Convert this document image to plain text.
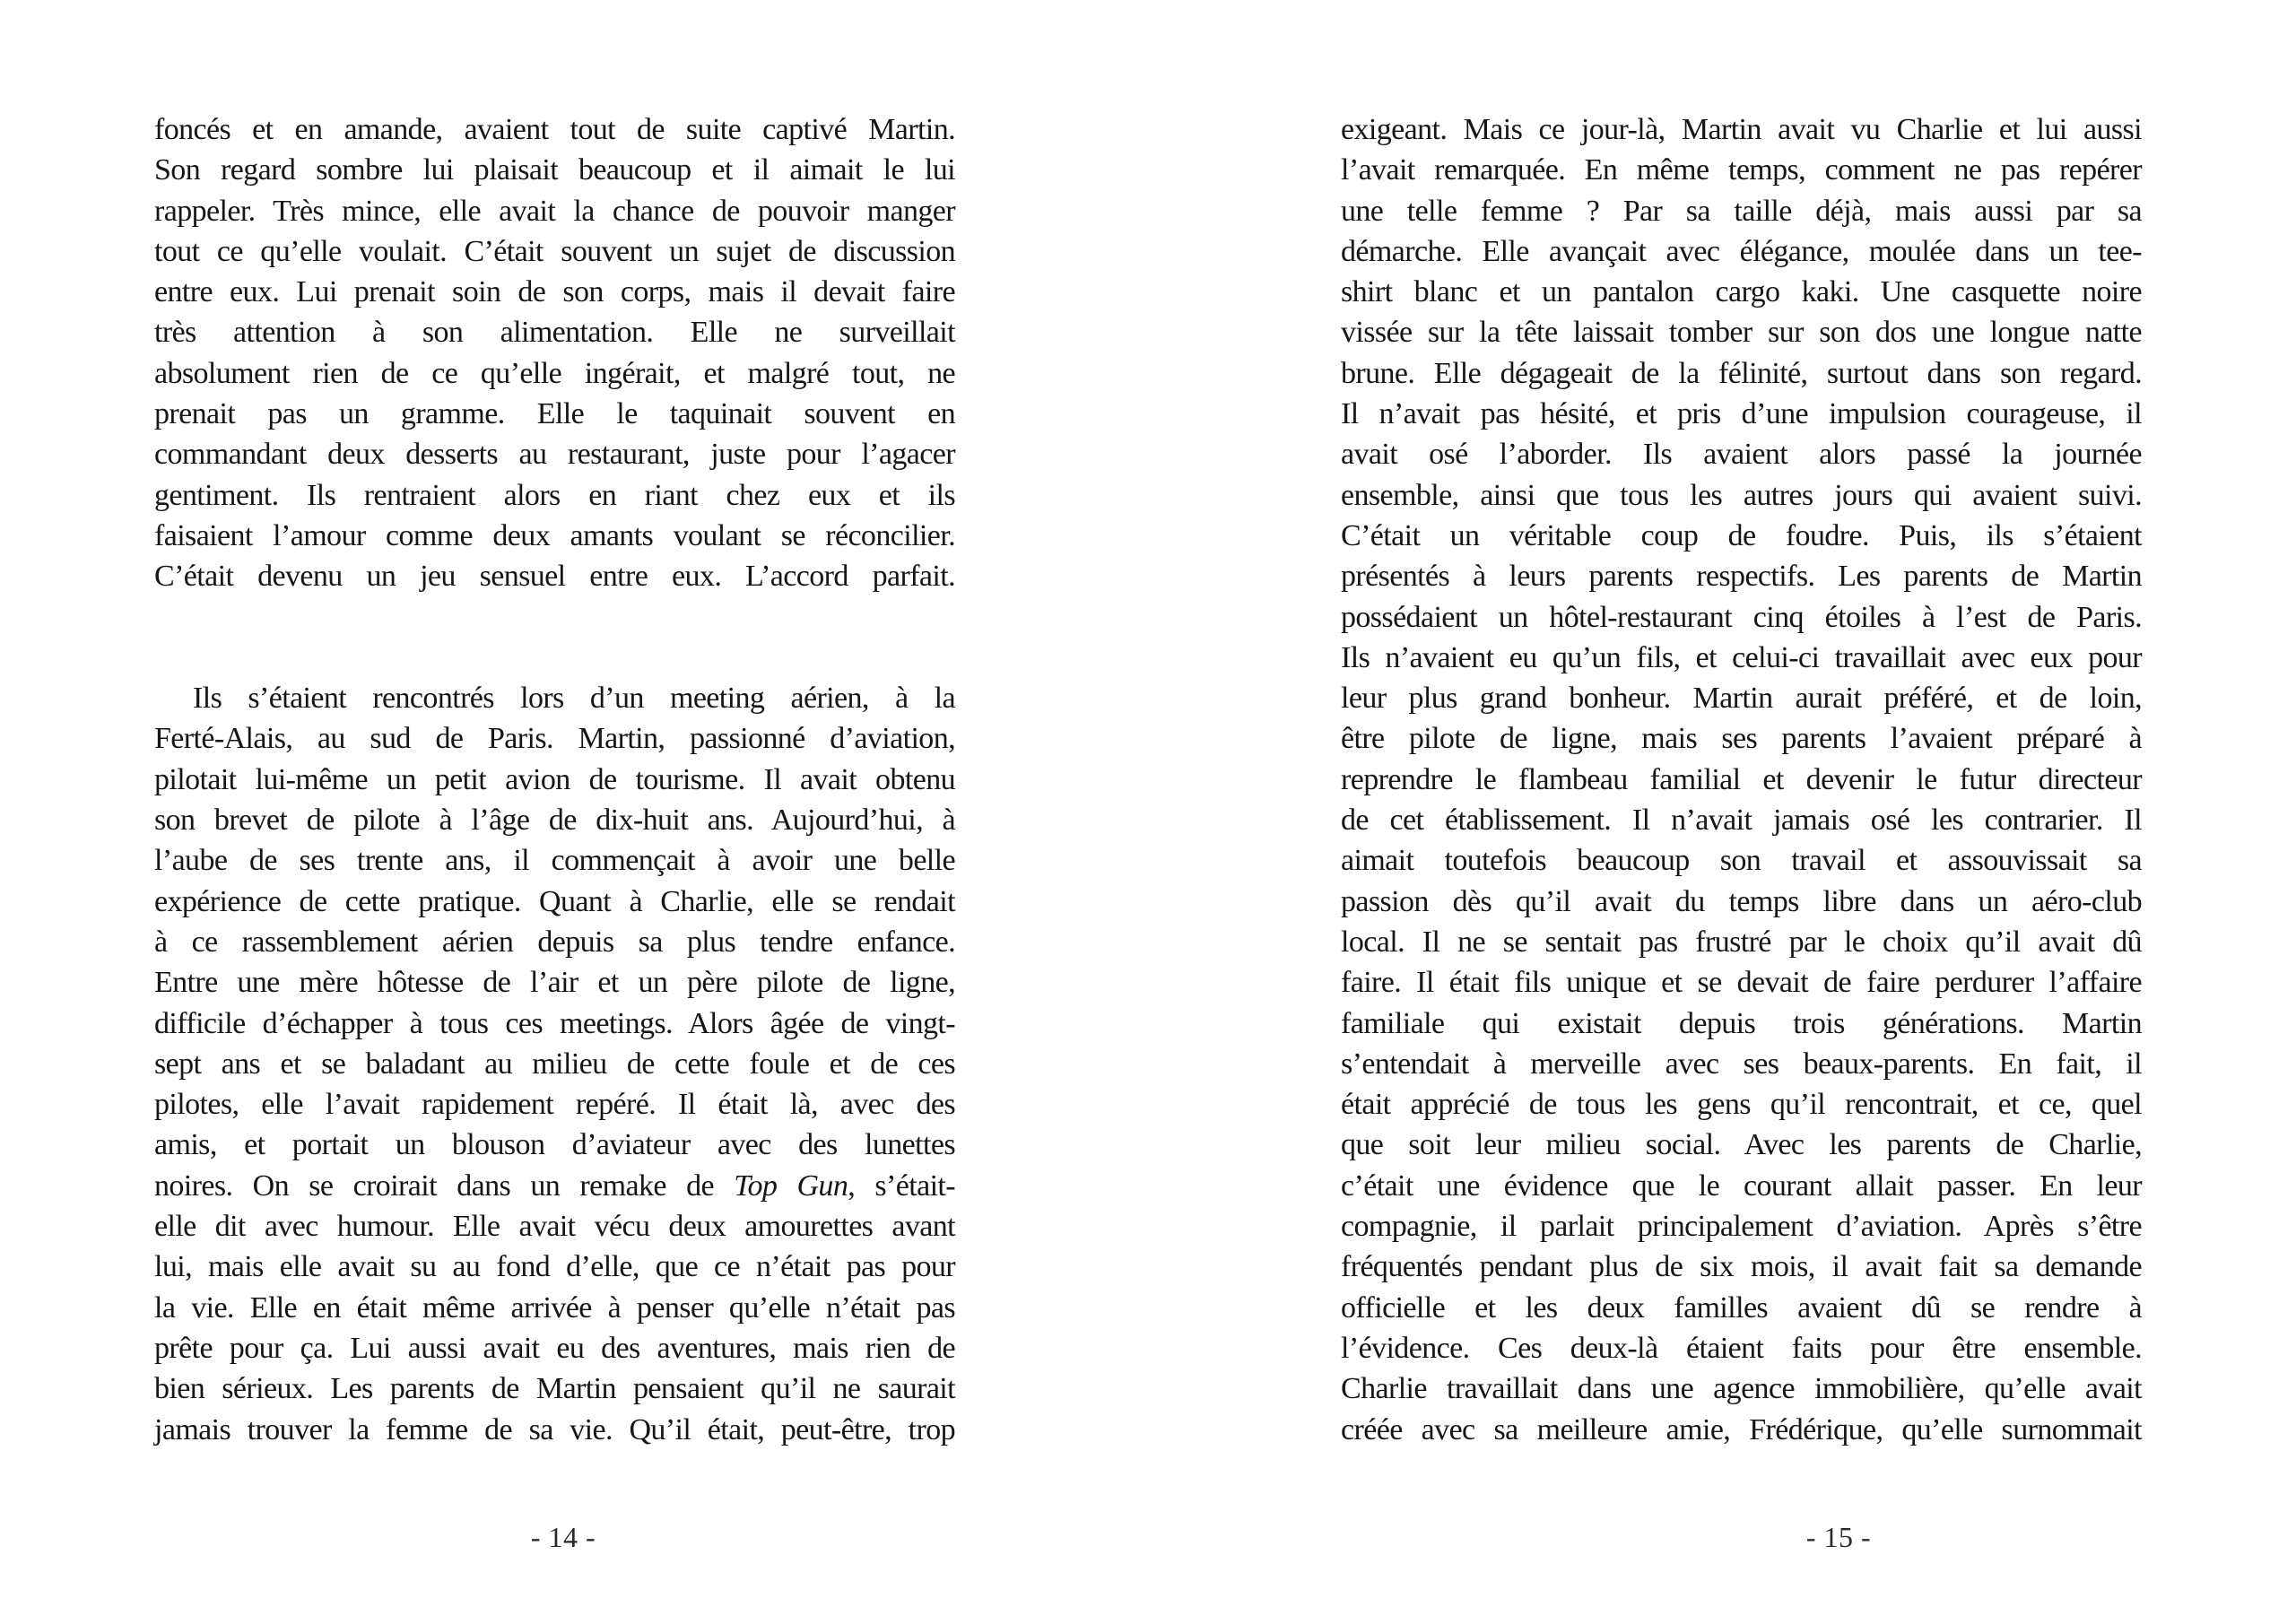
foncés et en amande, avaient tout de suite captivé Martin.
Son regard sombre lui plaisait beaucoup et il aimait le lui
rappeler. Très mince, elle avait la chance de pouvoir manger
tout ce qu’elle voulait. C’était souvent un sujet de discussion
entre eux. Lui prenait soin de son corps, mais il devait faire
très attention à son alimentation. Elle ne surveillait
absolument rien de ce qu’elle ingérait, et malgré tout, ne
prenait pas un gramme. Elle le taquinait souvent en
commandant deux desserts au restaurant, juste pour l’agacer
gentiment. Ils rentraient alors en riant chez eux et ils
faisaient l’amour comme deux amants voulant se réconcilier.
C’était devenu un jeu sensuel entre eux. L’accord parfait.
Ils s’étaient rencontrés lors d’un meeting aérien, à la
Ferté-Alais, au sud de Paris. Martin, passionné d’aviation,
pilotait lui-même un petit avion de tourisme. Il avait obtenu
son brevet de pilote à l’âge de dix-huit ans. Aujourd’hui, à
l’aube de ses trente ans, il commençait à avoir une belle
expérience de cette pratique. Quant à Charlie, elle se rendait
à ce rassemblement aérien depuis sa plus tendre enfance.
Entre une mère hôtesse de l’air et un père pilote de ligne,
difficile d’échapper à tous ces meetings. Alors âgée de vingt-
sept ans et se baladant au milieu de cette foule et de ces
pilotes, elle l’avait rapidement repéré. Il était là, avec des
amis, et portait un blouson d’aviateur avec des lunettes
noires. On se croirait dans un remake de Top Gun, s’était-
elle dit avec humour. Elle avait vécu deux amourettes avant
lui, mais elle avait su au fond d’elle, que ce n’était pas pour
la vie. Elle en était même arrivée à penser qu’elle n’était pas
prête pour ça. Lui aussi avait eu des aventures, mais rien de
bien sérieux. Les parents de Martin pensaient qu’il ne saurait
jamais trouver la femme de sa vie. Qu’il était, peut-être, trop
- 14 -
exigeant. Mais ce jour-là, Martin avait vu Charlie et lui aussi
l’avait remarquée. En même temps, comment ne pas repérer
une telle femme ? Par sa taille déjà, mais aussi par sa
démarche. Elle avançait avec élégance, moulée dans un tee-
shirt blanc et un pantalon cargo kaki. Une casquette noire
vissée sur la tête laissait tomber sur son dos une longue natte
brune. Elle dégageait de la félinité, surtout dans son regard.
Il n’avait pas hésité, et pris d’une impulsion courageuse, il
avait osé l’aborder. Ils avaient alors passé la journée
ensemble, ainsi que tous les autres jours qui avaient suivi.
C’était un véritable coup de foudre. Puis, ils s’étaient
présentés à leurs parents respectifs. Les parents de Martin
possédaient un hôtel-restaurant cinq étoiles à l’est de Paris.
Ils n’avaient eu qu’un fils, et celui-ci travaillait avec eux pour
leur plus grand bonheur. Martin aurait préféré, et de loin,
être pilote de ligne, mais ses parents l’avaient préparé à
reprendre le flambeau familial et devenir le futur directeur
de cet établissement. Il n’avait jamais osé les contrarier. Il
aimait toutefois beaucoup son travail et assouvissait sa
passion dès qu’il avait du temps libre dans un aéro-club
local. Il ne se sentait pas frustré par le choix qu’il avait dû
faire. Il était fils unique et se devait de faire perdurer l’affaire
familiale qui existait depuis trois générations. Martin
s’entendait à merveille avec ses beaux-parents. En fait, il
était apprécié de tous les gens qu’il rencontrait, et ce, quel
que soit leur milieu social. Avec les parents de Charlie,
c’était une évidence que le courant allait passer. En leur
compagnie, il parlait principalement d’aviation. Après s’être
fréquentés pendant plus de six mois, il avait fait sa demande
officielle et les deux familles avaient dû se rendre à
l’évidence. Ces deux-là étaient faits pour être ensemble.
Charlie travaillait dans une agence immobilière, qu’elle avait
créée avec sa meilleure amie, Frédérique, qu’elle surnommait
- 15 -
